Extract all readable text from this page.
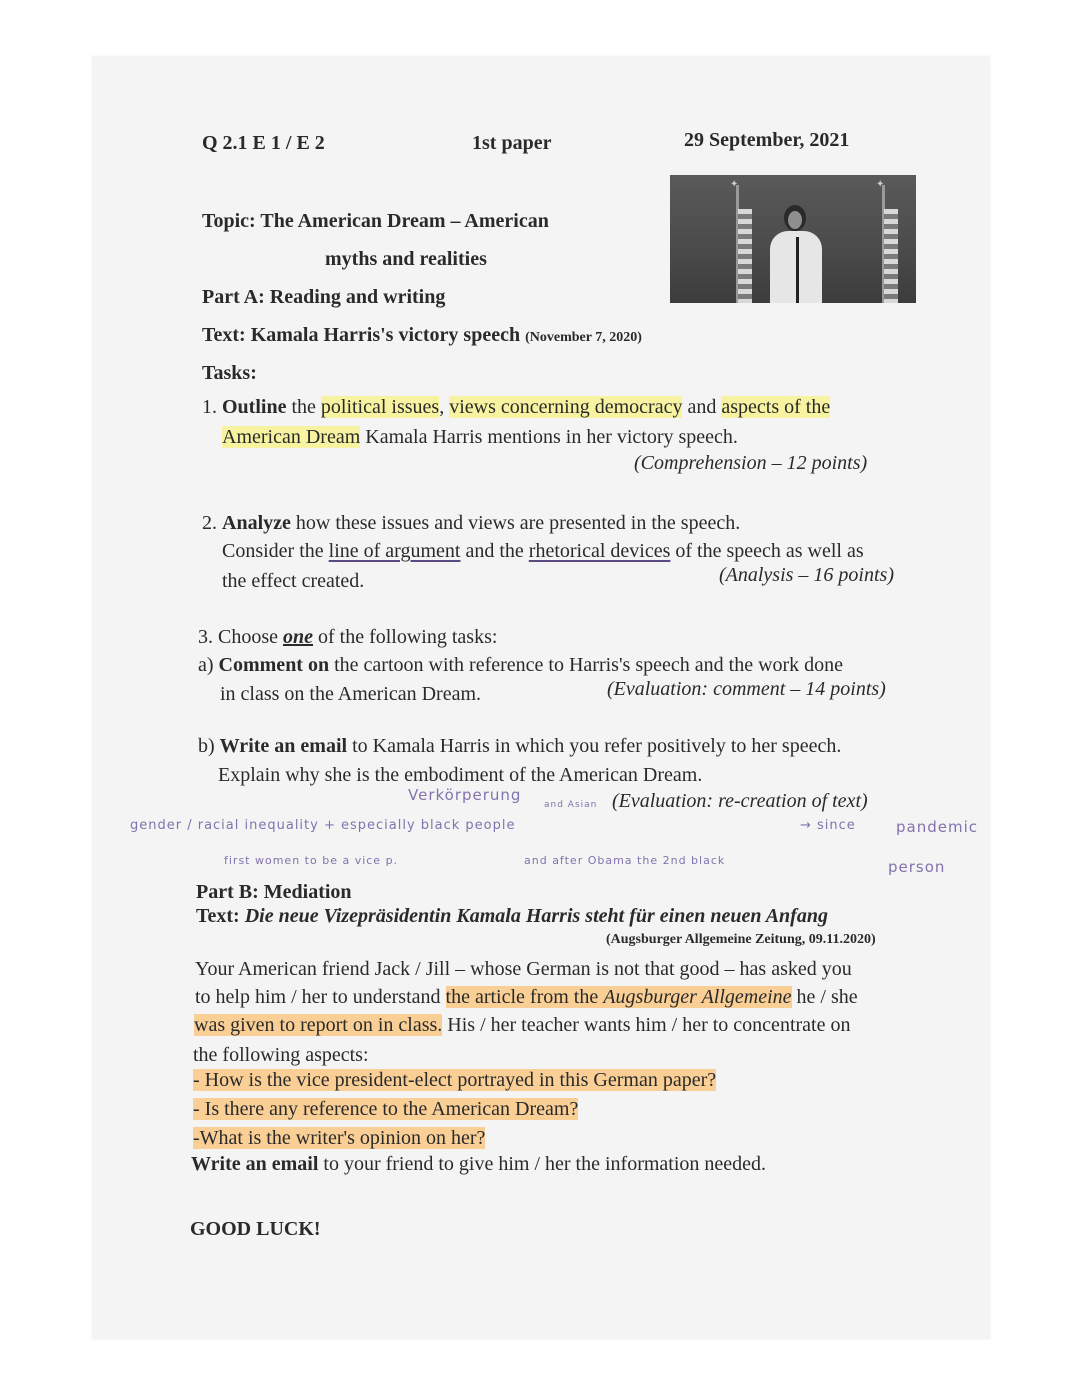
Q 2.1 E 1 / E 2	1st paper	29 September, 2021
✦	✦
Topic: The American Dream – American
myths and realities
Part A: Reading and writing
Text: Kamala Harris's victory speech (November 7, 2020)
Tasks:
1. Outline the political issues, views concerning democracy and aspects of the
American Dream Kamala Harris mentions in her victory speech.
(Comprehension – 12 points)
2. Analyze how these issues and views are presented in the speech.
Consider the line of argument and the rhetorical devices of the speech as well as
the effect created.	(Analysis – 16 points)
3. Choose one of the following tasks:
a) Comment on the cartoon with reference to Harris's speech and the work done
in class on the American Dream.	(Evaluation: comment – 14 points)
b) Write an email to Kamala Harris in which you refer positively to her speech.
Explain why she is the embodiment of the American Dream.
(Evaluation: re-creation of text)
Verkörperung
and Asian
gender / racial inequality + especially black people	→ since	pandemic
first women to be a vice p.	and after Obama the 2nd black	person
Part B: Mediation
Text: Die neue Vizepräsidentin Kamala Harris steht für einen neuen Anfang
(Augsburger Allgemeine Zeitung, 09.11.2020)
Your American friend Jack / Jill – whose German is not that good – has asked you
to help him / her to understand the article from the Augsburger Allgemeine he / she
was given to report on in class. His / her teacher wants him / her to concentrate on
the following aspects:
- How is the vice president-elect portrayed in this German paper?
- Is there any reference to the American Dream?
-What is the writer's opinion on her?
Write an email to your friend to give him / her the information needed.
GOOD LUCK!
